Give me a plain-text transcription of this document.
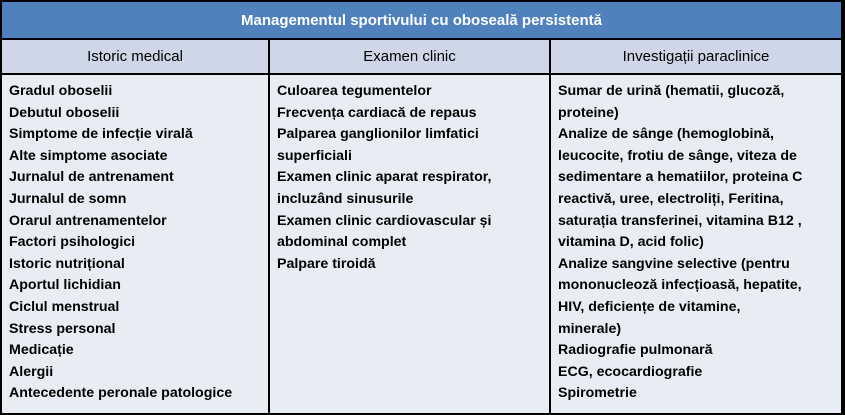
Managementul sportivului cu oboseală persistentă
Istoric medical	Examen clinic	Investigații paraclinice
Gradul oboselii
Debutul oboselii
Simptome de infecție virală
Alte simptome asociate
Jurnalul de antrenament
Jurnalul de somn
Orarul antrenamentelor
Factori psihologici
Istoric nutrițional
Aportul lichidian
Ciclul menstrual
Stress personal
Medicație
Alergii
Antecedente peronale patologice
Culoarea tegumentelor
Frecvența cardiacă de repaus
Palparea ganglionilor limfatici
superficiali
Examen clinic aparat respirator,
incluzând sinusurile
Examen clinic cardiovascular și
abdominal complet
Palpare tiroidă
Sumar de urină (hematii, glucoză,
proteine)
Analize de sânge (hemoglobină,
leucocite, frotiu de sânge, viteza de
sedimentare a hematiilor, proteina C
reactivă, uree, electroliți, Feritina,
saturația transferinei, vitamina B12 ,
vitamina D, acid folic)
Analize sangvine selective (pentru
mononucleoză infecțioasă, hepatite,
HIV, deficiențe de vitamine,
minerale)
Radiografie pulmonară
ECG, ecocardiografie
Spirometrie
